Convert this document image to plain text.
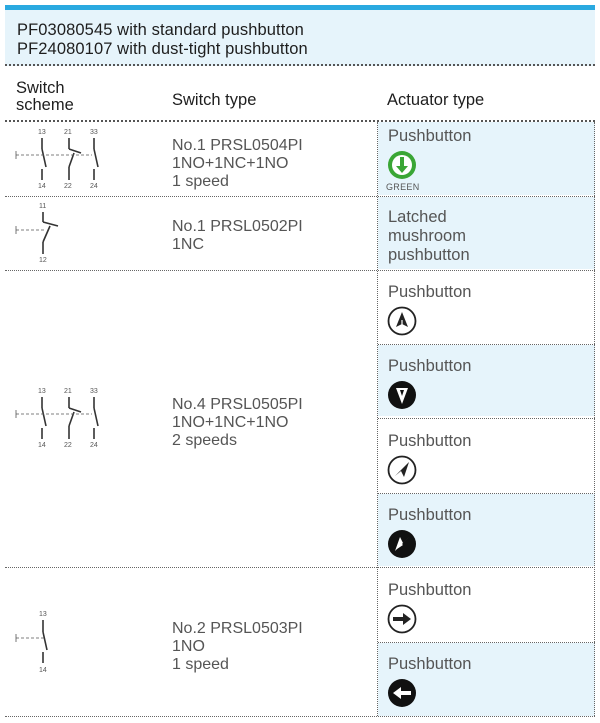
PF03080545 with standard pushbutton
PF24080107 with dust-tight pushbutton
Switch
scheme	Switch type	Actuator type
13
14
21
22
33
24
No.1 PRSL0504PI
1NO+1NC+1NO
1 speed
Pushbutton
GREEN
11
12
No.1 PRSL0502PI
1NC
Latched
mushroom
pushbutton
13
14
21
22
33
24
No.4 PRSL0505PI
1NO+1NC+1NO
2 speeds
Pushbutton
Pushbutton
Pushbutton
Pushbutton
13
14
No.2 PRSL0503PI
1NO
1 speed
Pushbutton
Pushbutton
